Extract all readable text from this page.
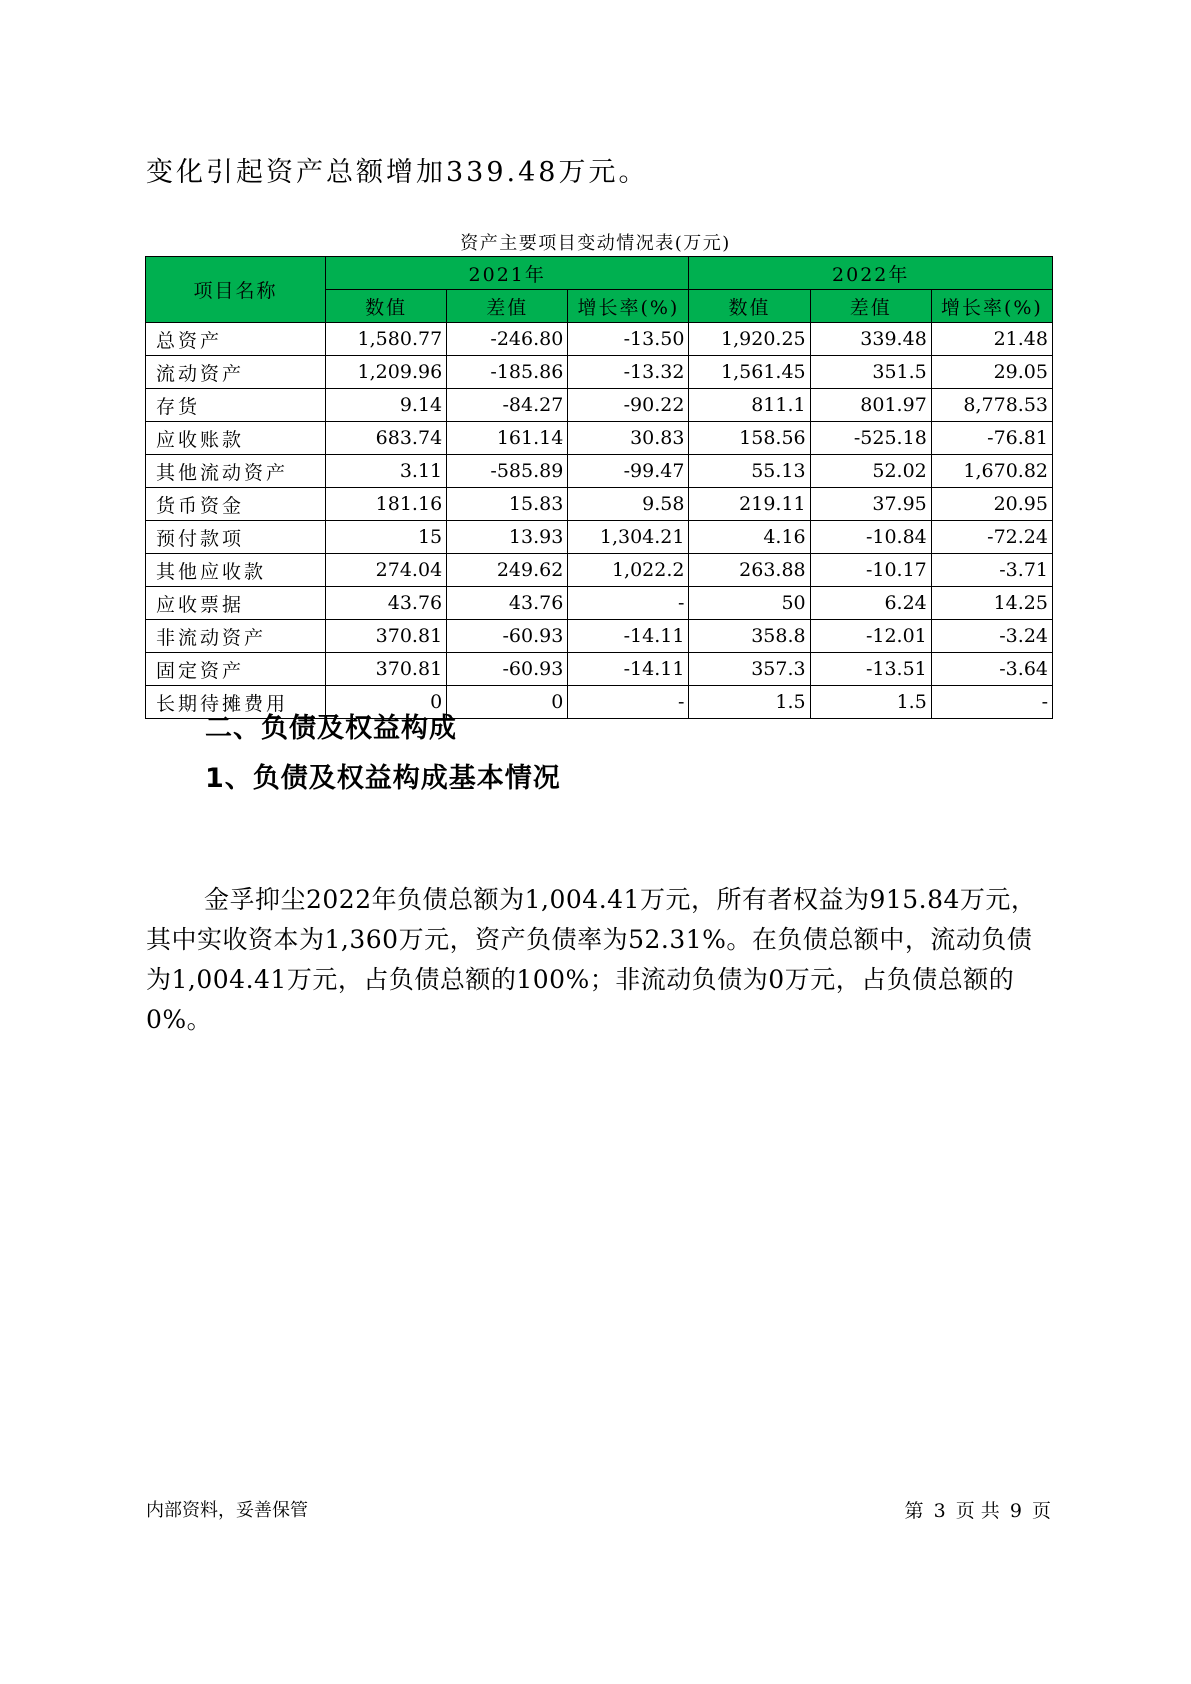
变化引起资产总额增加339.48万元。
资产主要项目变动情况表(万元)
项目名称	2021年			2022年		
	数值	差值	增长率(%)	数值	差值	增长率(%)
总资产	1,580.77	-246.80	-13.50	1,920.25	339.48	21.48
流动资产	1,209.96	-185.86	-13.32	1,561.45	351.5	29.05
存货	9.14	-84.27	-90.22	811.1	801.97	8,778.53
应收账款	683.74	161.14	30.83	158.56	-525.18	-76.81
其他流动资产	3.11	-585.89	-99.47	55.13	52.02	1,670.82
货币资金	181.16	15.83	9.58	219.11	37.95	20.95
预付款项	15	13.93	1,304.21	4.16	-10.84	-72.24
其他应收款	274.04	249.62	1,022.2	263.88	-10.17	-3.71
应收票据	43.76	43.76	-	50	6.24	14.25
非流动资产	370.81	-60.93	-14.11	358.8	-12.01	-3.24
固定资产	370.81	-60.93	-14.11	357.3	-13.51	-3.64
长期待摊费用	0	0	-	1.5	1.5	-
二、负债及权益构成
1、负债及权益构成基本情况

金孚抑尘2022年负债总额为1,004.41万元，所有者权益为915.84万元，其中实收资本为1,360万元，资产负债率为52.31%。在负债总额中，流动负债为1,004.41万元，占负债总额的100%；非流动负债为0万元，占负债总额的0%。

内部资料，妥善保管	第 3 页 共 9 页
